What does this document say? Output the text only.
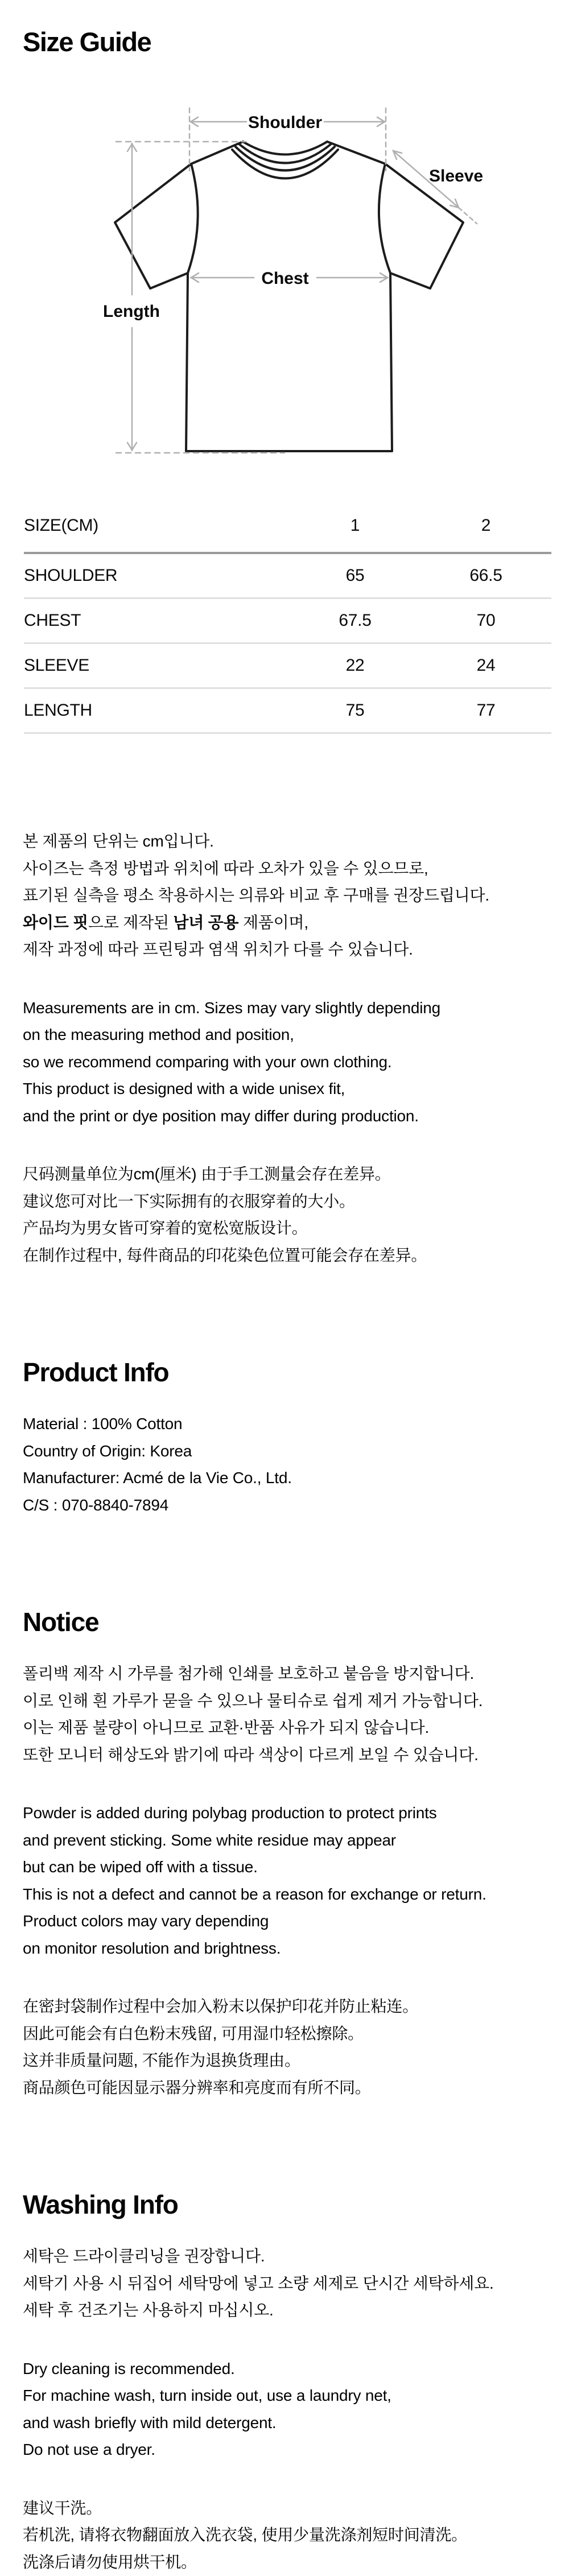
Size Guide
Shoulder
Sleeve
Chest
Length
SIZE(CM)	1	2
SHOULDER	65	66.5
CHEST	67.5	70
SLEEVE	22	24
LENGTH	75	77
본 제품의 단위는 cm입니다.
사이즈는 측정 방법과 위치에 따라 오차가 있을 수 있으므로,
표기된 실측을 평소 착용하시는 의류와 비교 후 구매를 권장드립니다.
와이드 핏으로 제작된 남녀 공용 제품이며,
제작 과정에 따라 프린팅과 염색 위치가 다를 수 있습니다.
Measurements are in cm. Sizes may vary slightly depending
on the measuring method and position,
so we recommend comparing with your own clothing.
This product is designed with a wide unisex fit,
and the print or dye position may differ during production.
尺码测量单位为cm(厘米) 由于手工测量会存在差异。
建议您可对比一下实际拥有的衣服穿着的大小。
产品均为男女皆可穿着的宽松宽版设计。
在制作过程中, 每件商品的印花染色位置可能会存在差异。
Product Info
Material : 100% Cotton
Country of Origin: Korea
Manufacturer: Acmé de la Vie Co., Ltd.
C/S : 070-8840-7894
Notice
폴리백 제작 시 가루를 첨가해 인쇄를 보호하고 붙음을 방지합니다.
이로 인해 흰 가루가 묻을 수 있으나 물티슈로 쉽게 제거 가능합니다.
이는 제품 불량이 아니므로 교환·반품 사유가 되지 않습니다.
또한 모니터 해상도와 밝기에 따라 색상이 다르게 보일 수 있습니다.
Powder is added during polybag production to protect prints
and prevent sticking. Some white residue may appear
but can be wiped off with a tissue.
This is not a defect and cannot be a reason for exchange or return.
Product colors may vary depending
on monitor resolution and brightness.
在密封袋制作过程中会加入粉末以保护印花并防止粘连。
因此可能会有白色粉末残留, 可用湿巾轻松擦除。
这并非质量问题, 不能作为退换货理由。
商品颜色可能因显示器分辨率和亮度而有所不同。
Washing Info
세탁은 드라이클리닝을 권장합니다.
세탁기 사용 시 뒤집어 세탁망에 넣고 소량 세제로 단시간 세탁하세요.
세탁 후 건조기는 사용하지 마십시오.
Dry cleaning is recommended.
For machine wash, turn inside out, use a laundry net,
and wash briefly with mild detergent.
Do not use a dryer.
建议干洗。
若机洗, 请将衣物翻面放入洗衣袋, 使用少量洗涤剂短时间清洗。
洗涤后请勿使用烘干机。
